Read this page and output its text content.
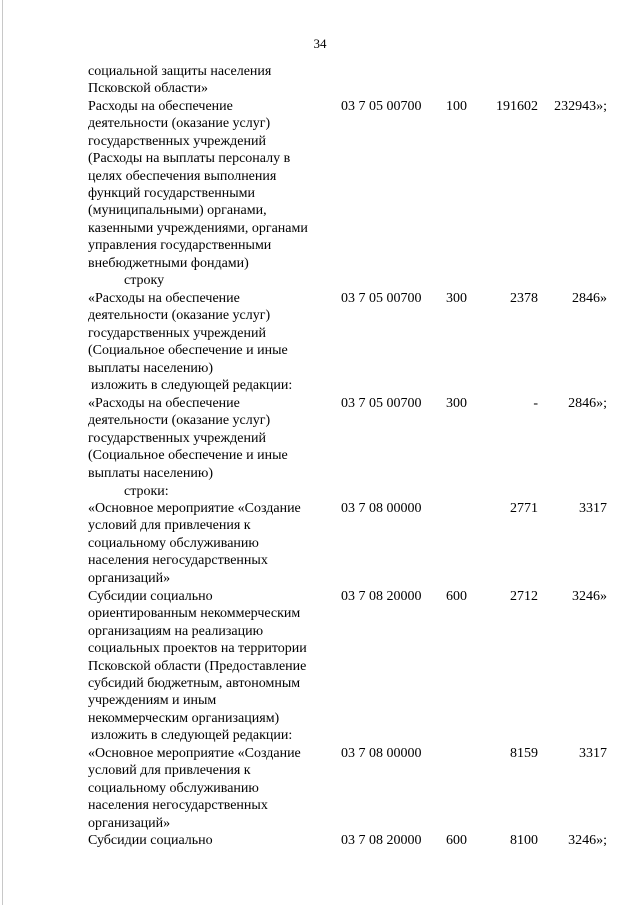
34
социальной защиты населения
Псковской области»
Расходы на обеспечение
деятельности (оказание услуг)
государственных учреждений
(Расходы на выплаты персоналу в
целях обеспечения выполнения
функций государственными
(муниципальными) органами,
казенными учреждениями, органами
управления государственными
внебюджетными фондами)
03 7 05 00700 100 191602 232943»;
строку
«Расходы на обеспечение
деятельности (оказание услуг)
государственных учреждений
(Социальное обеспечение и иные
выплаты населению)
03 7 05 00700 300	2378 2846»
изложить в следующей редакции:
«Расходы на обеспечение
деятельности (оказание услуг)
государственных учреждений
(Социальное обеспечение и иные
выплаты населению)
03 7 05 00700 300	- 2846»;
строки:
«Основное мероприятие «Создание
условий для привлечения к
социальному обслуживанию
населения негосударственных
организаций»
03 7 08 00000	2771	3317
Субсидии социально
ориентированным некоммерческим
организациям на реализацию
социальных проектов на территории
Псковской области (Предоставление
субсидий бюджетным, автономным
учреждениям и иным
некоммерческим организациям)
03 7 08 20000 600	2712 3246»
изложить в следующей редакции:
«Основное мероприятие «Создание
условий для привлечения к
социальному обслуживанию
населения негосударственных
организаций»
03 7 08 00000	8159	3317
Субсидии социально	03 7 08 20000 600	8100 3246»;
